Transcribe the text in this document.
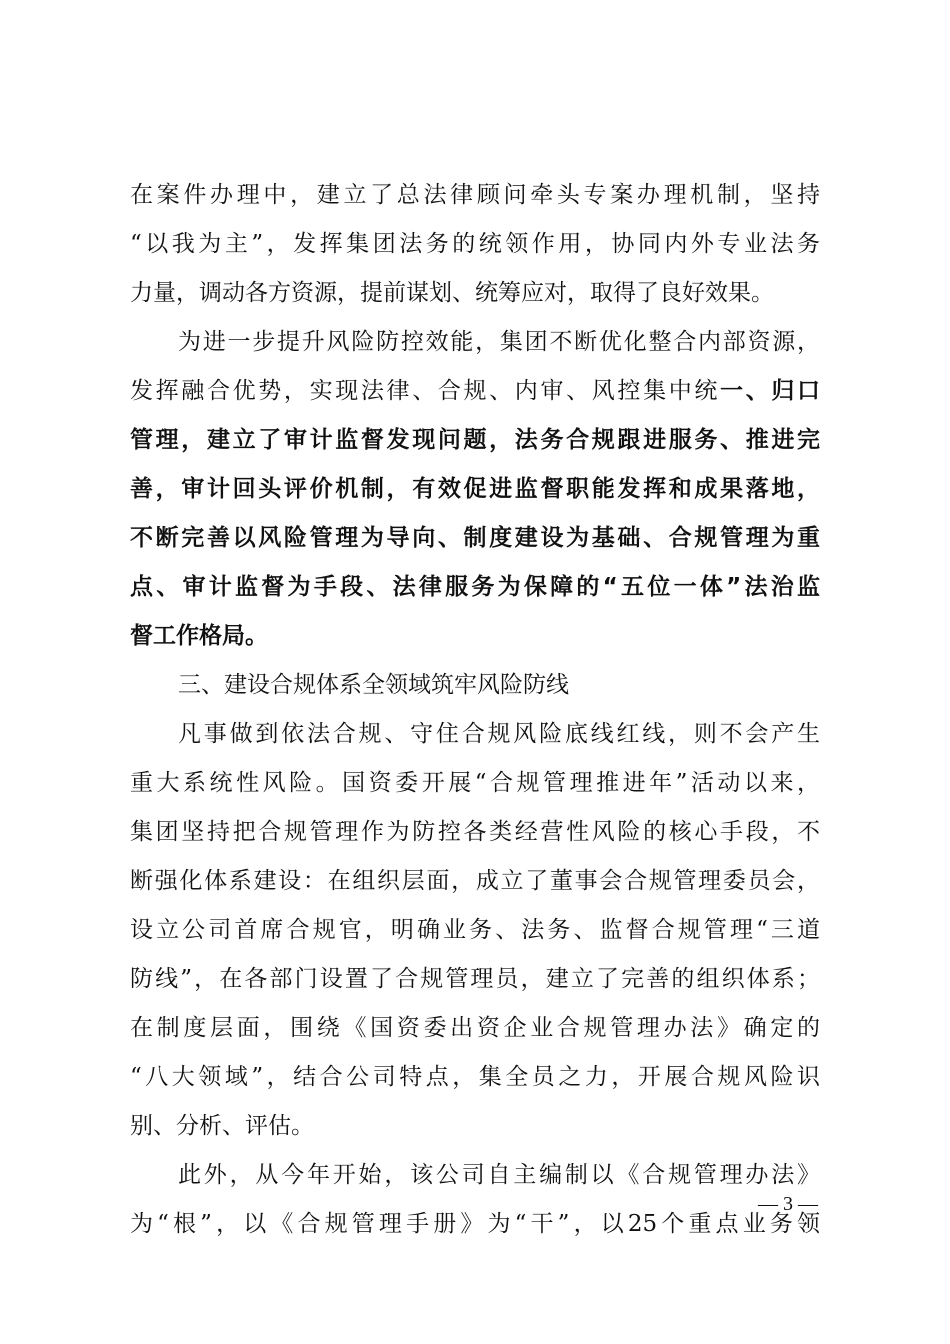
在案件办理中，建立了总法律顾问牵头专案办理机制，坚持
“以我为主”，发挥集团法务的统领作用，协同内外专业法务
力量，调动各方资源，提前谋划、统筹应对，取得了良好效果。
为进一步提升风险防控效能，集团不断优化整合内部资源，
发挥融合优势，实现法律、合规、内审、风控集中统一、归口
管理，建立了审计监督发现问题，法务合规跟进服务、推进完
善，审计回头评价机制，有效促进监督职能发挥和成果落地，
不断完善以风险管理为导向、制度建设为基础、合规管理为重
点、审计监督为手段、法律服务为保障的“五位一体”法治监
督工作格局。
三、建设合规体系全领域筑牢风险防线
凡事做到依法合规、守住合规风险底线红线，则不会产生
重大系统性风险。国资委开展“合规管理推进年”活动以来，
集团坚持把合规管理作为防控各类经营性风险的核心手段，不
断强化体系建设：在组织层面，成立了董事会合规管理委员会，
设立公司首席合规官，明确业务、法务、监督合规管理“三道
防线”，在各部门设置了合规管理员，建立了完善的组织体系；
在制度层面，围绕《国资委出资企业合规管理办法》确定的
“八大领域”，结合公司特点，集全员之力，开展合规风险识
别、分析、评估。
此外，从今年开始，该公司自主编制以《合规管理办法》
为“根”，以《合规管理手册》为“干”，以25个重点业务领
— 3 —
